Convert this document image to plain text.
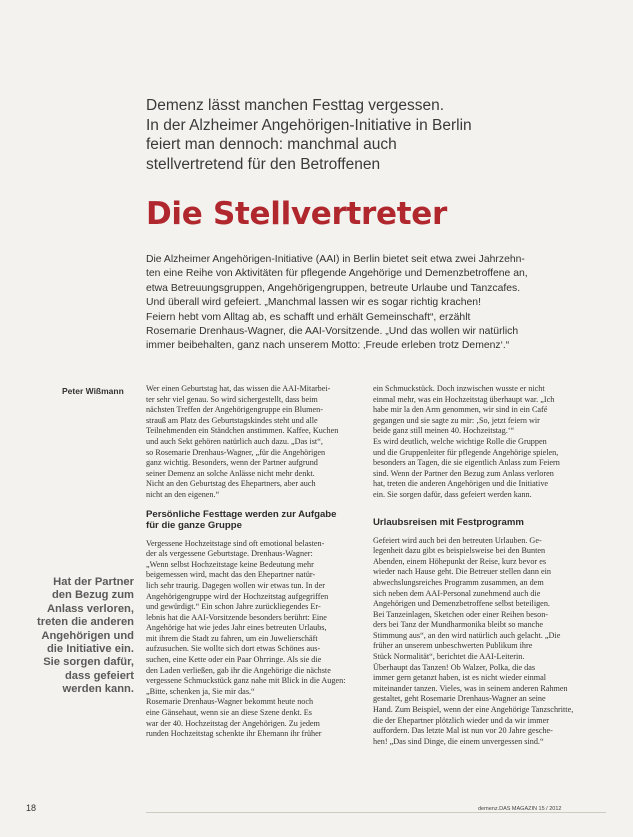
Demenz lässt manchen Festtag vergessen.
In der Alzheimer Angehörigen-Initiative in Berlin
feiert man dennoch: manchmal auch
stellvertretend für den Betroffenen
Die Stellvertreter
Die Alzheimer Angehörigen-Initiative (AAI) in Berlin bietet seit etwa zwei Jahrzehn-
ten eine Reihe von Aktivitäten für pflegende Angehörige und Demenzbetroffene an,
etwa Betreuungsgruppen, Angehörigengruppen, betreute Urlaube und Tanzcafes.
Und überall wird gefeiert. „Manchmal lassen wir es sogar richtig krachen!
Feiern hebt vom Alltag ab, es schafft und erhält Gemeinschaft“, erzählt
Rosemarie Drenhaus-Wagner, die AAI-Vorsitzende. „Und das wollen wir natürlich
immer beibehalten, ganz nach unserem Motto: ‚Freude erleben trotz Demenz‘.“
Peter Wißmann	Wer einen Geburtstag hat, das wissen die AAI-Mitarbei-
ter sehr viel genau. So wird sichergestellt, dass beim
nächsten Treffen der Angehörigengruppe ein Blumen-
strauß am Platz des Geburtstagskindes steht und alle
Teilnehmenden ein Ständchen anstimmen. Kaffee, Kuchen
und auch Sekt gehören natürlich auch dazu. „Das ist“,
so Rosemarie Drenhaus-Wagner, „für die Angehörigen
ganz wichtig. Besonders, wenn der Partner aufgrund
seiner Demenz an solche Anlässe nicht mehr denkt.
Nicht an den Geburtstag des Ehepartners, aber auch
nicht an den eigenen.“
Persönliche Festtage werden zur Aufgabe
für die ganze Gruppe
Vergessene Hochzeitstage sind oft emotional belasten-
der als vergessene Geburtstage. Drenhaus-Wagner:
„Wenn selbst Hochzeitstage keine Bedeutung mehr
beigemessen wird, macht das den Ehepartner natür-
lich sehr traurig. Dagegen wollen wir etwas tun. In der
Angehörigengruppe wird der Hochzeitstag aufgegriffen
und gewürdigt.“ Ein schon Jahre zurückliegendes Er-
lebnis hat die AAI-Vorsitzende besonders berührt: Eine
Angehörige hat wie jedes Jahr eines betreuten Urlaubs,
mit ihrem die Stadt zu fahren, um ein Juwelierschäft
aufzusuchen. Sie wollte sich dort etwas Schönes aus-
suchen, eine Kette oder ein Paar Ohrringe. Als sie die
den Laden verließen, gab ihr die Angehörige die nächste
vergessene Schmuckstück ganz nahe mit Blick in die Augen:
„Bitte, schenken ja, Sie mir das.“
Rosemarie Drenhaus-Wagner bekommt heute noch
eine Gänsehaut, wenn sie an diese Szene denkt. Es
war der 40. Hochzeitstag der Angehörigen. Zu jedem
runden Hochzeitstag schenkte ihr Ehemann ihr früher
ein Schmuckstück. Doch inzwischen wusste er nicht
einmal mehr, was ein Hochzeitstag überhaupt war. „Ich
habe mir la den Arm genommen, wir sind in ein Café
gegangen und sie sagte zu mir: ‚So, jetzt feiern wir
beide ganz still meinen 40. Hochzeitstag.‘“
Es wird deutlich, welche wichtige Rolle die Gruppen
und die Gruppenleiter für pflegende Angehörige spielen,
besonders an Tagen, die sie eigentlich Anlass zum Feiern
sind. Wenn der Partner den Bezug zum Anlass verloren
hat, treten die anderen Angehörigen und die Initiative
ein. Sie sorgen dafür, dass gefeiert werden kann.
Urlaubsreisen mit Festprogramm
Gefeiert wird auch bei den betreuten Urlauben. Ge-
legenheit dazu gibt es beispielsweise bei den Bunten
Abenden, einem Höhepunkt der Reise, kurz bevor es
wieder nach Hause geht. Die Betreuer stellen dann ein
abwechslungsreiches Programm zusammen, an dem
sich neben dem AAI-Personal zunehmend auch die
Angehörigen und Demenzbetroffene selbst beteiligen.
Bei Tanzeinlagen, Sketchen oder einer Reihen beson-
ders bei Tanz der Mundharmonika bleibt so manche
Stimmung aus“, an den wird natürlich auch gelacht. „Die
früher an unserem unbeschwerten Publikum ihre
Stück Normalität“, berichtet die AAI-Leiterin.
Überhaupt das Tanzen! Ob Walzer, Polka, die das
immer gern getanzt haben, ist es nicht wieder einmal
miteinander tanzen. Vieles, was in seinem anderen Rahmen
gestaltet, geht Rosemarie Drenhaus-Wagner an seine
Hand. Zum Beispiel, wenn der eine Angehörige Tanzschritte,
die der Ehepartner plötzlich wieder und da wir immer
auffordern. Das letzte Mal ist nun vor 20 Jahre gesche-
hen! „Das sind Dinge, die einem unvergessen sind.“
Hat der Partner
den Bezug zum
Anlass verloren,
treten die anderen
Angehörigen und
die Initiative ein.
Sie sorgen dafür,
dass gefeiert
werden kann.
18	demenz.DAS MAGAZIN 15 / 2012
